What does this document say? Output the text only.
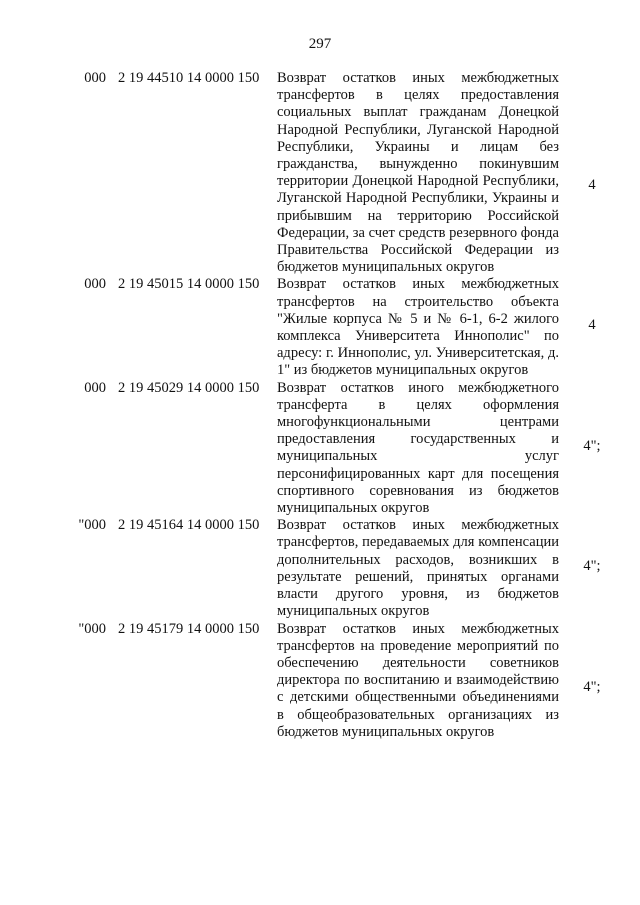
297
000 2 19 44510 14 0000 150
4
Возврат остатков иных межбюджетных трансфертов в целях предоставления социальных выплат гражданам Донецкой Народной Республики, Луганской Народной Республики, Украины и лицам без гражданства, вынужденно покинувшим территории Донецкой Народной Республики, Луганской Народной Республики, Украины и прибывшим на территорию Российской Федерации, за счет средств резервного фонда Правительства Российской Федерации из бюджетов муниципальных округов
000 2 19 45015 14 0000 150
4
Возврат остатков иных межбюджетных трансфертов на строительство объекта "Жилые корпуса № 5 и № 6-1, 6-2 жилого комплекса Университета Иннополис" по адресу: г. Иннополис, ул. Университетская, д. 1" из бюджетов муниципальных округов
000 2 19 45029 14 0000 150
4";
Возврат остатков иного межбюджетного трансферта в целях оформления многофункциональными центрами предоставления государственных и муниципальных услуг персонифицированных карт для посещения спортивного соревнования из бюджетов муниципальных округов
"000 2 19 45164 14 0000 150
4";
Возврат остатков иных межбюджетных трансфертов, передаваемых для компенсации дополнительных расходов, возникших в результате решений, принятых органами власти другого уровня, из бюджетов муниципальных округов
"000 2 19 45179 14 0000 150
4";
Возврат остатков иных межбюджетных трансфертов на проведение мероприятий по обеспечению деятельности советников директора по воспитанию и взаимодействию с детскими общественными объединениями в общеобразовательных организациях из бюджетов муниципальных округов
